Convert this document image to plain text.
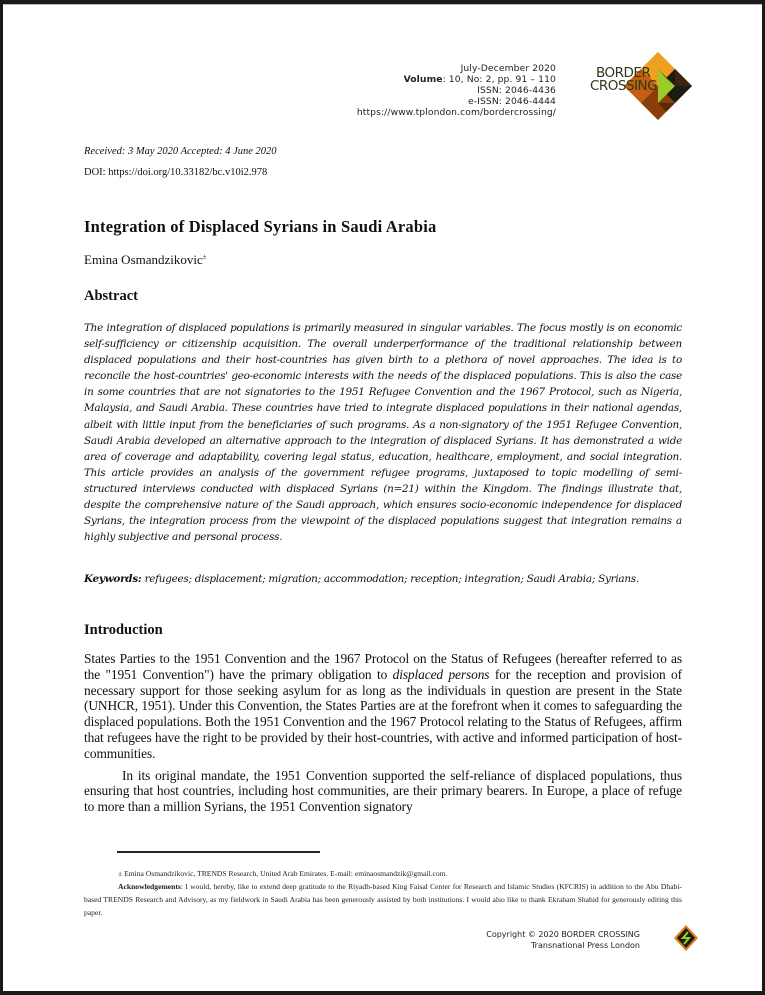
July-December 2020
Volume: 10, No: 2, pp. 91 – 110
ISSN: 2046-4436
e-ISSN: 2046-4444
https://www.tplondon.com/bordercrossing/
BORDER
CROSSING
Received: 3 May 2020 Accepted: 4 June 2020
DOI: https://doi.org/10.33182/bc.v10i2.978
Integration of Displaced Syrians in Saudi Arabia
Emina Osmandzikovic±
Abstract
The integration of displaced populations is primarily measured in singular variables. The focus mostly is on economic self-sufficiency or citizenship acquisition. The overall underperformance of the traditional relationship between displaced populations and their host-countries has given birth to a plethora of novel approaches. The idea is to reconcile the host-countries' geo-economic interests with the needs of the displaced populations. This is also the case in some countries that are not signatories to the 1951 Refugee Convention and the 1967 Protocol, such as Nigeria, Malaysia, and Saudi Arabia. These countries have tried to integrate displaced populations in their national agendas, albeit with little input from the beneficiaries of such programs. As a non-signatory of the 1951 Refugee Convention, Saudi Arabia developed an alternative approach to the integration of displaced Syrians. It has demonstrated a wide area of coverage and adaptability, covering legal status, education, healthcare, employment, and social integration. This article provides an analysis of the government refugee programs, juxtaposed to topic modelling of semi-structured interviews conducted with displaced Syrians (n=21) within the Kingdom. The findings illustrate that, despite the comprehensive nature of the Saudi approach, which ensures socio-economic independence for displaced Syrians, the integration process from the viewpoint of the displaced populations suggest that integration remains a highly subjective and personal process.
Keywords: refugees; displacement; migration; accommodation; reception; integration; Saudi Arabia; Syrians.
Introduction

States Parties to the 1951 Convention and the 1967 Protocol on the Status of Refugees (hereafter referred to as the "1951 Convention") have the primary obligation to displaced persons for the reception and provision of necessary support for those seeking asylum for as long as the individuals in question are present in the State (UNHCR, 1951). Under this Convention, the States Parties are at the forefront when it comes to safeguarding the displaced populations. Both the 1951 Convention and the 1967 Protocol relating to the Status of Refugees, affirm that refugees have the right to be provided by their host-countries, with active and informed participation of host-communities.

In its original mandate, the 1951 Convention supported the self-reliance of displaced populations, thus ensuring that host countries, including host communities, are their primary bearers. In Europe, a place of refuge to more than a million Syrians, the 1951 Convention signatory

± Emina Osmandzikovic, TRENDS Research, United Arab Emirates. E-mail: eminaosmandzik@gmail.com.

Acknowledgements: I would, hereby, like to extend deep gratitude to the Riyadh-based King Faisal Center for Research and Islamic Studies (KFCRIS) in addition to the Abu Dhabi-based TRENDS Research and Advisory, as my fieldwork in Saudi Arabia has been generously assisted by both institutions. I would also like to thank Ekraham Shahid for generously editing this paper.

Copyright © 2020 BORDER CROSSING
Transnational Press London
